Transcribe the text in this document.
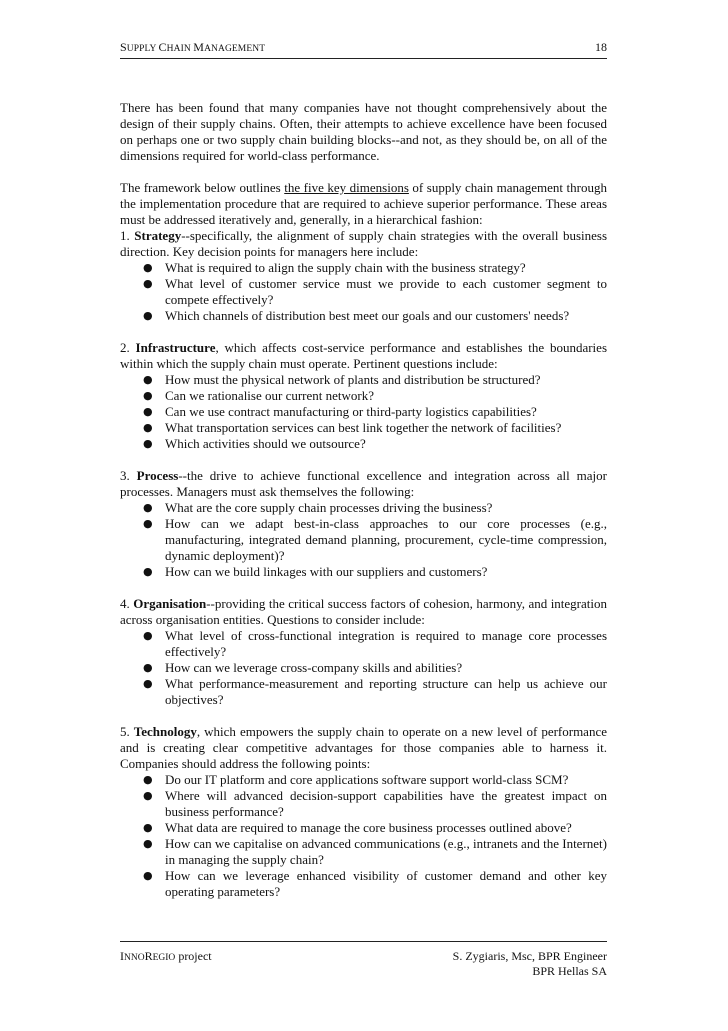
SUPPLY CHAIN MANAGEMENT	18

There has been found that many companies have not thought comprehensively about the design of their supply chains. Often, their attempts to achieve excellence have been focused on perhaps one or two supply chain building blocks--and not, as they should be, on all of the dimensions required for world-class performance.

The framework below outlines the five key dimensions of supply chain management through the implementation procedure that are required to achieve superior performance. These areas must be addressed iteratively and, generally, in a hierarchical fashion:

1. Strategy--specifically, the alignment of supply chain strategies with the overall business direction. Key decision points for managers here include:

● What is required to align the supply chain with the business strategy?
● What level of customer service must we provide to each customer segment to compete effectively?
● Which channels of distribution best meet our goals and our customers' needs?

2. Infrastructure, which affects cost-service performance and establishes the boundaries within which the supply chain must operate. Pertinent questions include:

● How must the physical network of plants and distribution be structured?
● Can we rationalise our current network?
● Can we use contract manufacturing or third-party logistics capabilities?
● What transportation services can best link together the network of facilities?
● Which activities should we outsource?

3. Process--the drive to achieve functional excellence and integration across all major processes. Managers must ask themselves the following:

● What are the core supply chain processes driving the business?
● How can we adapt best-in-class approaches to our core processes (e.g., manufacturing, integrated demand planning, procurement, cycle-time compression, dynamic deployment)?
● How can we build linkages with our suppliers and customers?

4. Organisation--providing the critical success factors of cohesion, harmony, and integration across organisation entities. Questions to consider include:

● What level of cross-functional integration is required to manage core processes effectively?
● How can we leverage cross-company skills and abilities?
● What performance-measurement and reporting structure can help us achieve our objectives?

5. Technology, which empowers the supply chain to operate on a new level of performance and is creating clear competitive advantages for those companies able to harness it. Companies should address the following points:

● Do our IT platform and core applications software support world-class SCM?
● Where will advanced decision-support capabilities have the greatest impact on business performance?
● What data are required to manage the core business processes outlined above?
● How can we capitalise on advanced communications (e.g., intranets and the Internet) in managing the supply chain?
● How can we leverage enhanced visibility of customer demand and other key operating parameters?
INNOREGIO project	S. Zygiaris, Msc, BPR Engineer
BPR Hellas SA
